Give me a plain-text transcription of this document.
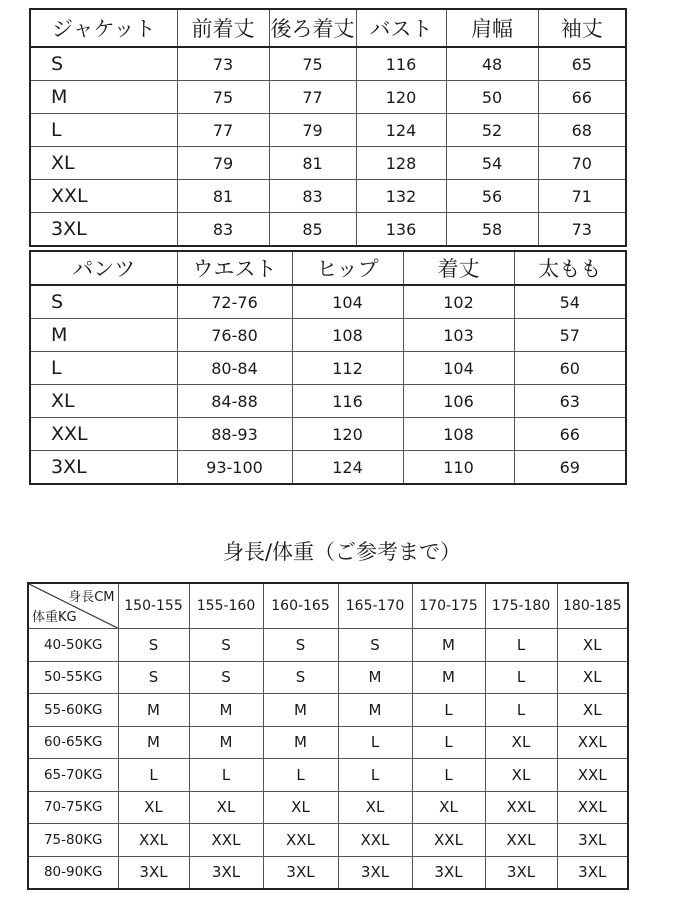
ジャケット	前着丈	後ろ着丈	バスト	肩幅	袖丈
S	73	75	116	48	65
M	75	77	120	50	66
L	77	79	124	52	68
XL	79	81	128	54	70
XXL	81	83	132	56	71
3XL	83	85	136	58	73
パンツ	ウエスト	ヒップ	着丈	太もも
S	72-76	104	102	54
M	76-80	108	103	57
L	80-84	112	104	60
XL	84-88	116	106	63
XXL	88-93	120	108	66
3XL	93-100	124	110	69
身長/体重（ご参考まで）
身長CM
体重KG	150-155	155-160	160-165	165-170	170-175	175-180	180-185
40-50KG	S	S	S	S	M	L	XL
50-55KG	S	S	S	M	M	L	XL
55-60KG	M	M	M	M	L	L	XL
60-65KG	M	M	M	L	L	XL	XXL
65-70KG	L	L	L	L	L	XL	XXL
70-75KG	XL	XL	XL	XL	XL	XXL	XXL
75-80KG	XXL	XXL	XXL	XXL	XXL	XXL	3XL
80-90KG	3XL	3XL	3XL	3XL	3XL	3XL	3XL
